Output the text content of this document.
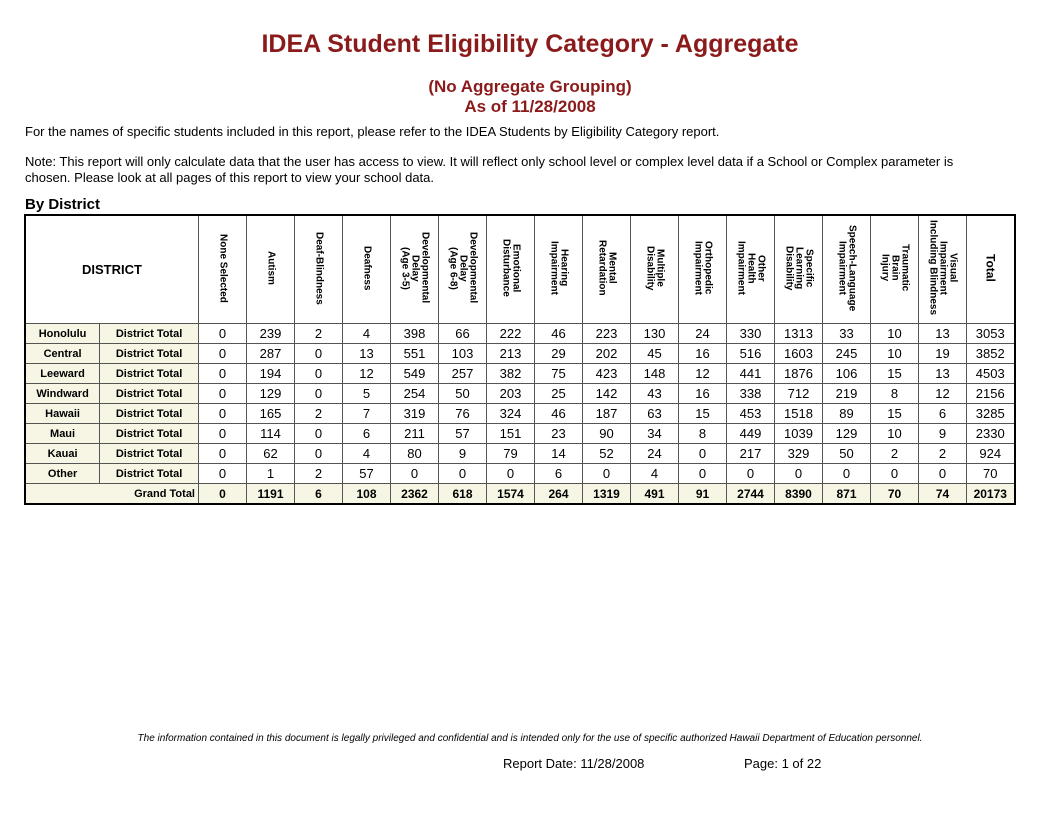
IDEA Student Eligibility Category - Aggregate
(No Aggregate Grouping)
As of 11/28/2008
For the names of specific students included in this report, please refer to the IDEA Students by Eligibility Category report.
Note: This report will only calculate data that the user has access to view. It will reflect only school level or complex level data if a School or Complex parameter is
chosen. Please look at all pages of this report to view your school data.
By District
DISTRICT		None Selected	Autism	Deaf-Blindness	Deafness	Developmental
Delay
(Age 3-5)	Developmental
Delay
(Age 6-8)	Emotional
Disturbance	Hearing
Impairment	Mental
Retardation	Multiple
Disability	Orthopedic
Impairment	Other
Health
Impairment	Specific
Learning
Disability	Speech-Language
Impairment	Traumatic
Brain
Injury	Visual
Impairment
Including Blindness	Total
Honolulu	District Total	0	239	2	4	398	66	222	46	223	130	24	330	1313	33	10	13	3053
Central	District Total	0	287	0	13	551	103	213	29	202	45	16	516	1603	245	10	19	3852
Leeward	District Total	0	194	0	12	549	257	382	75	423	148	12	441	1876	106	15	13	4503
Windward	District Total	0	129	0	5	254	50	203	25	142	43	16	338	712	219	8	12	2156
Hawaii	District Total	0	165	2	7	319	76	324	46	187	63	15	453	1518	89	15	6	3285
Maui	District Total	0	114	0	6	211	57	151	23	90	34	8	449	1039	129	10	9	2330
Kauai	District Total	0	62	0	4	80	9	79	14	52	24	0	217	329	50	2	2	924
Other	District Total	0	1	2	57	0	0	0	6	0	4	0	0	0	0	0	0	70
Grand Total		0	1191	6	108	2362	618	1574	264	1319	491	91	2744	8390	871	70	74	20173
The information contained in this document is legally privileged and confidential and is intended only for the use of specific authorized Hawaii Department of Education personnel.
Report Date: 11/28/2008	Page: 1 of 22
